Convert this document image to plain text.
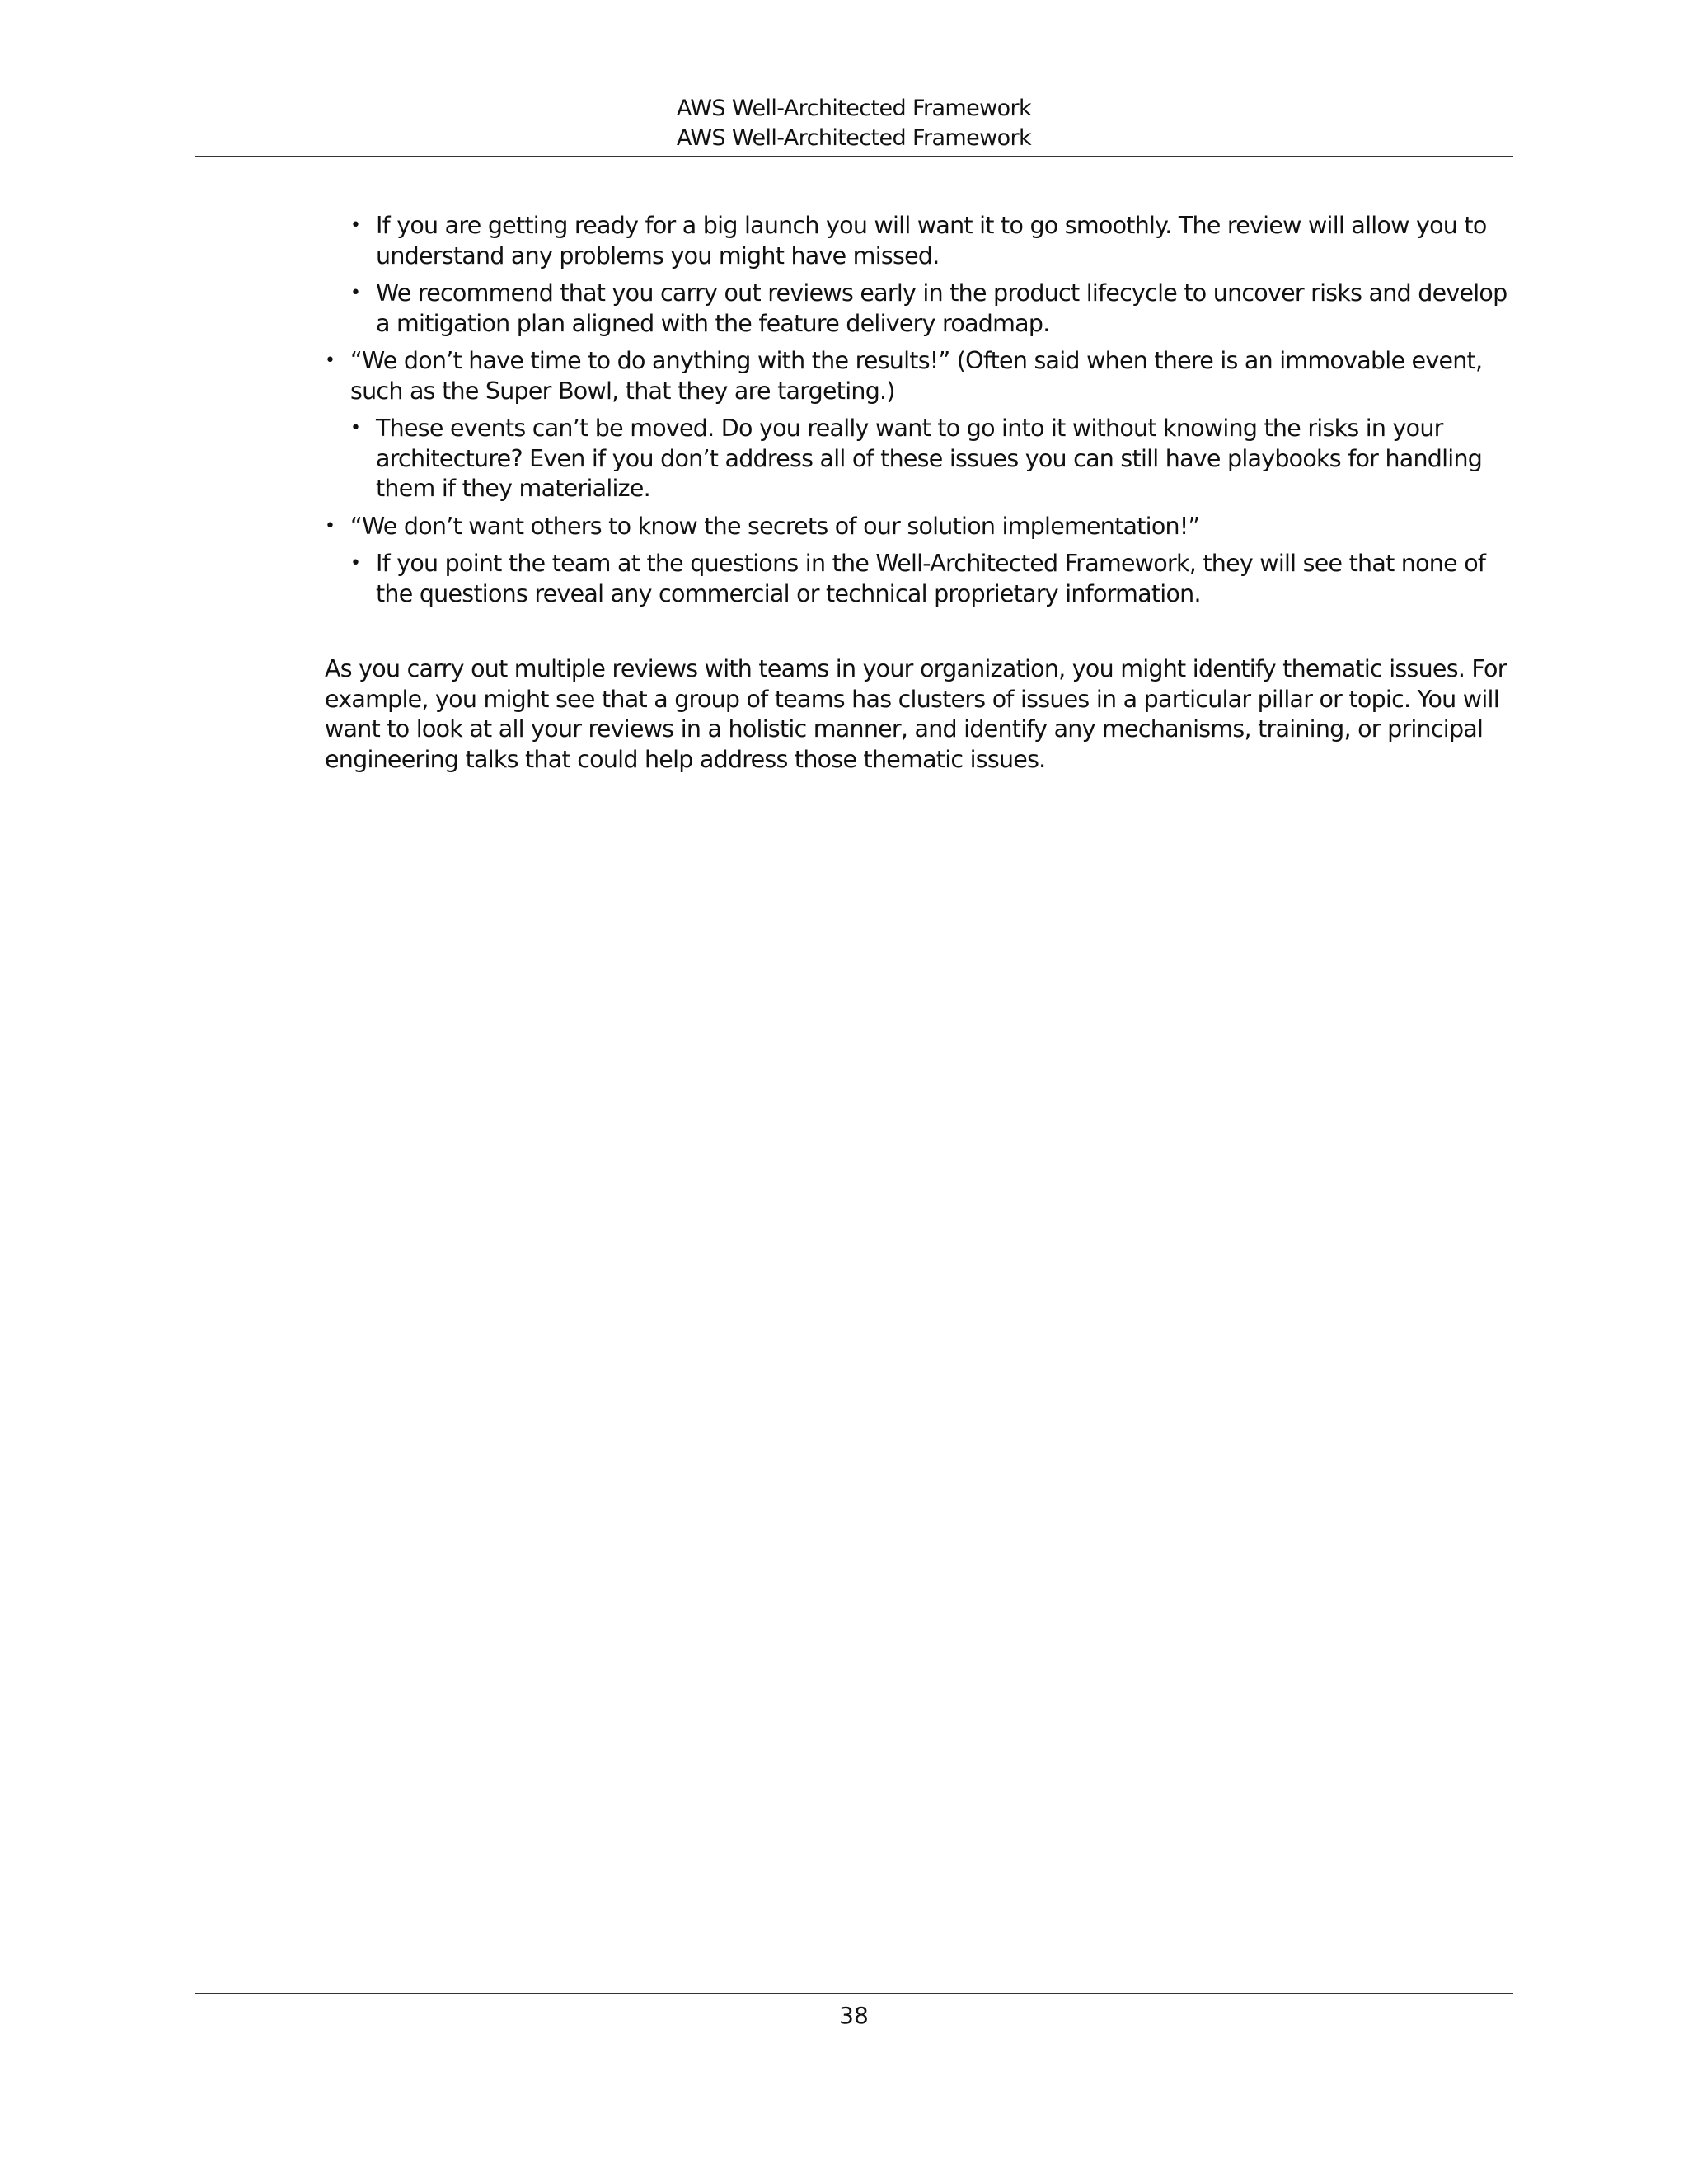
AWS Well-Architected Framework
AWS Well-Architected Framework
• If you are getting ready for a big launch you will want it to go smoothly. The review will allow you to understand any problems you might have missed.
• We recommend that you carry out reviews early in the product lifecycle to uncover risks and develop a mitigation plan aligned with the feature delivery roadmap.
• “We don’t have time to do anything with the results!” (Often said when there is an immovable event, such as the Super Bowl, that they are targeting.)
• These events can’t be moved. Do you really want to go into it without knowing the risks in your architecture? Even if you don’t address all of these issues you can still have playbooks for handling them if they materialize.
• “We don’t want others to know the secrets of our solution implementation!”
• If you point the team at the questions in the Well-Architected Framework, they will see that none of the questions reveal any commercial or technical proprietary information.

As you carry out multiple reviews with teams in your organization, you might identify thematic issues. For example, you might see that a group of teams has clusters of issues in a particular pillar or topic. You will want to look at all your reviews in a holistic manner, and identify any mechanisms, training, or principal engineering talks that could help address those thematic issues.

38
